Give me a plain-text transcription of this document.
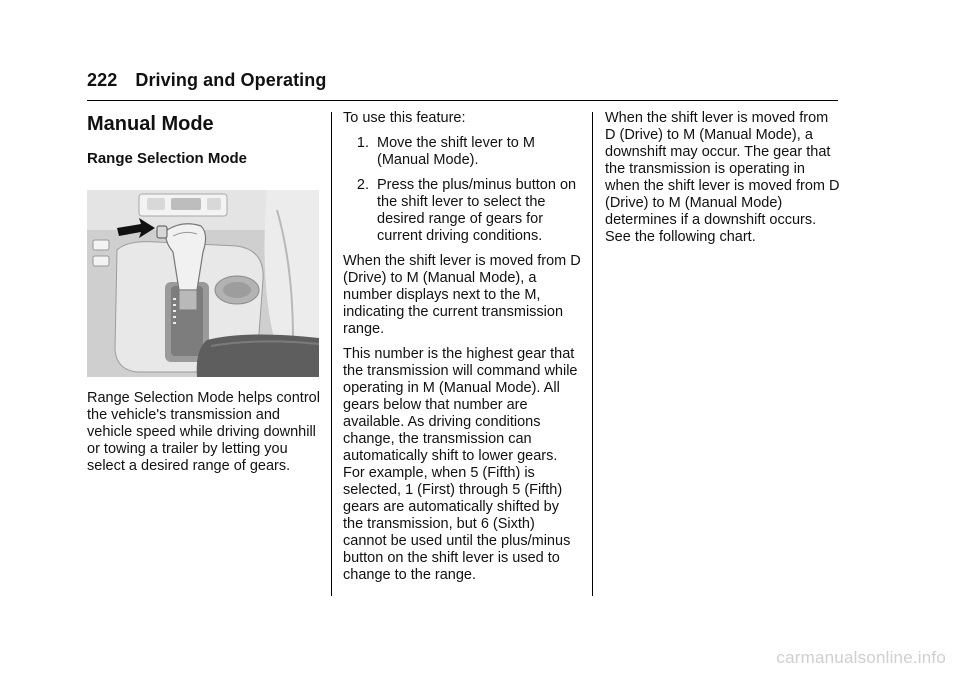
222 Driving and Operating
Manual Mode
Range Selection Mode

Range Selection Mode helps control the vehicle's transmission and vehicle speed while driving downhill or towing a trailer by letting you select a desired range of gears.

To use this feature:

1. Move the shift lever to M (Manual Mode).
2. Press the plus/minus button on the shift lever to select the desired range of gears for current driving conditions.

When the shift lever is moved from D (Drive) to M (Manual Mode), a number displays next to the M, indicating the current transmission range.

This number is the highest gear that the transmission will command while operating in M (Manual Mode). All gears below that number are available. As driving conditions change, the transmission can automatically shift to lower gears. For example, when 5 (Fifth) is selected, 1 (First) through 5 (Fifth) gears are automatically shifted by the transmission, but 6 (Sixth) cannot be used until the plus/minus button on the shift lever is used to change to the range.

When the shift lever is moved from D (Drive) to M (Manual Mode), a downshift may occur. The gear that the transmission is operating in when the shift lever is moved from D (Drive) to M (Manual Mode) determines if a downshift occurs. See the following chart.

carmanualsonline.info
